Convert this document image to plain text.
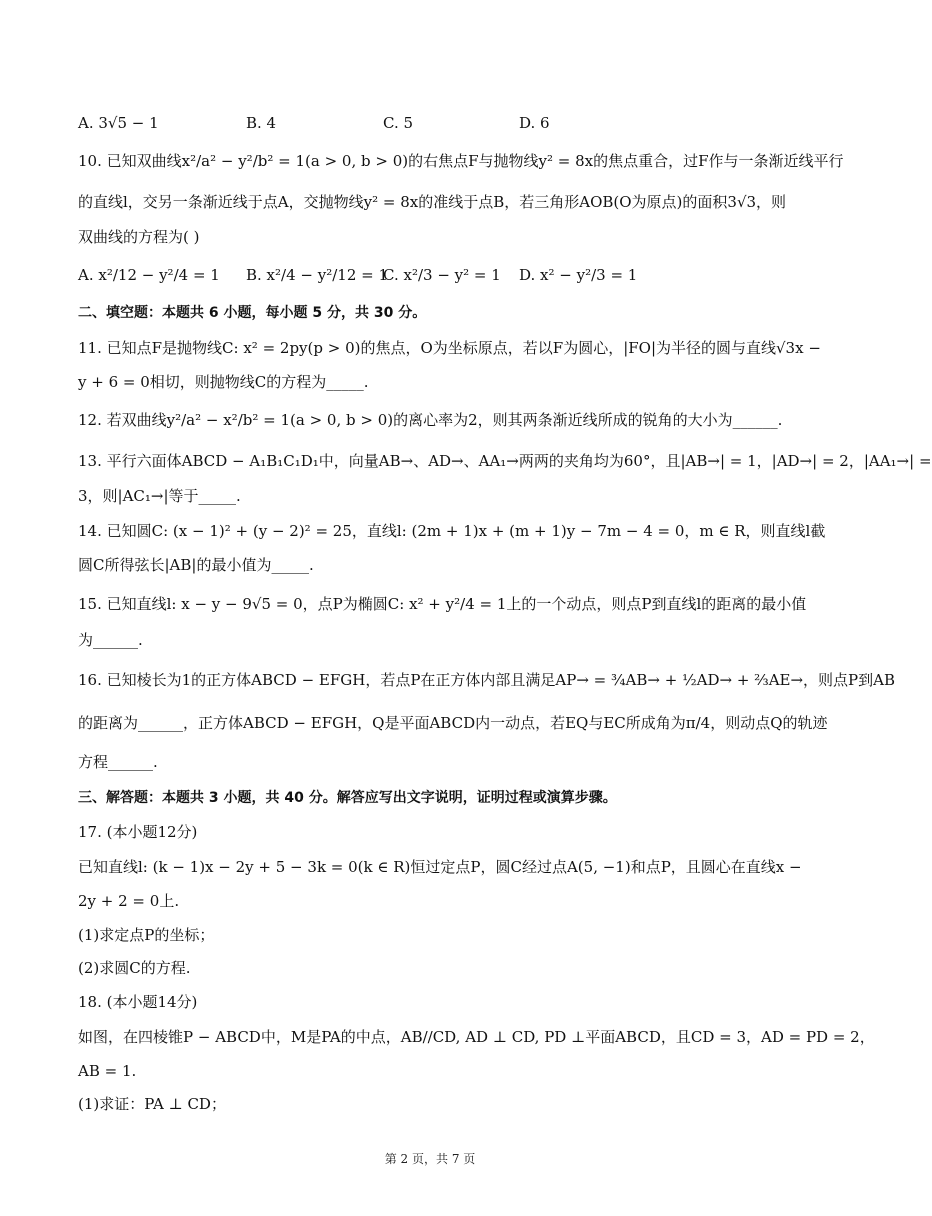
A. 3√5 − 1	B. 4	C. 5	D. 6
10. 已知双曲线x²/a² − y²/b² = 1(a > 0, b > 0)的右焦点F与抛物线y² = 8x的焦点重合，过F作与一条渐近线平行
的直线l，交另一条渐近线于点A，交抛物线y² = 8x的准线于点B，若三角形AOB(O为原点)的面积3√3，则
双曲线的方程为( )
A. x²/12 − y²/4 = 1 B. x²/4 − y²/12 = 1
C. x²/3 − y² = 1 D. x² − y²/3 = 1
二、填空题：本题共 6 小题，每小题 5 分，共 30 分。
11. 已知点F是抛物线C: x² = 2py(p > 0)的焦点，O为坐标原点，若以F为圆心，|FO|为半径的圆与直线√3x −
y + 6 = 0相切，则抛物线C的方程为_____.
12. 若双曲线y²/a² − x²/b² = 1(a > 0, b > 0)的离心率为2，则其两条渐近线所成的锐角的大小为______.
13. 平行六面体ABCD − A₁B₁C₁D₁中，向量AB→、AD→、AA₁→两两的夹角均为60°，且|AB→| = 1，|AD→| = 2，|AA₁→| =
3，则|AC₁→|等于_____.
14. 已知圆C: (x − 1)² + (y − 2)² = 25，直线l: (2m + 1)x + (m + 1)y − 7m − 4 = 0，m ∈ R，则直线l截
圆C所得弦长|AB|的最小值为_____.
15. 已知直线l: x − y − 9√5 = 0，点P为椭圆C: x² + y²/4 = 1上的一个动点，则点P到直线l的距离的最小值
为______.
16. 已知棱长为1的正方体ABCD − EFGH，若点P在正方体内部且满足AP→ = ¾AB→ + ½AD→ + ⅔AE→，则点P到AB
的距离为______，正方体ABCD − EFGH，Q是平面ABCD内一动点，若EQ与EC所成角为π/4，则动点Q的轨迹
方程______.
三、解答题：本题共 3 小题，共 40 分。解答应写出文字说明，证明过程或演算步骤。
17. (本小题12分)
已知直线l: (k − 1)x − 2y + 5 − 3k = 0(k ∈ R)恒过定点P，圆C经过点A(5, −1)和点P，且圆心在直线x −
2y + 2 = 0上.
(1)求定点P的坐标；
(2)求圆C的方程.
18. (本小题14分)
如图，在四棱锥P − ABCD中，M是PA的中点，AB//CD, AD ⊥ CD, PD ⊥平面ABCD，且CD = 3，AD = PD = 2，
AB = 1.
(1)求证：PA ⊥ CD；
第 2 页，共 7 页
